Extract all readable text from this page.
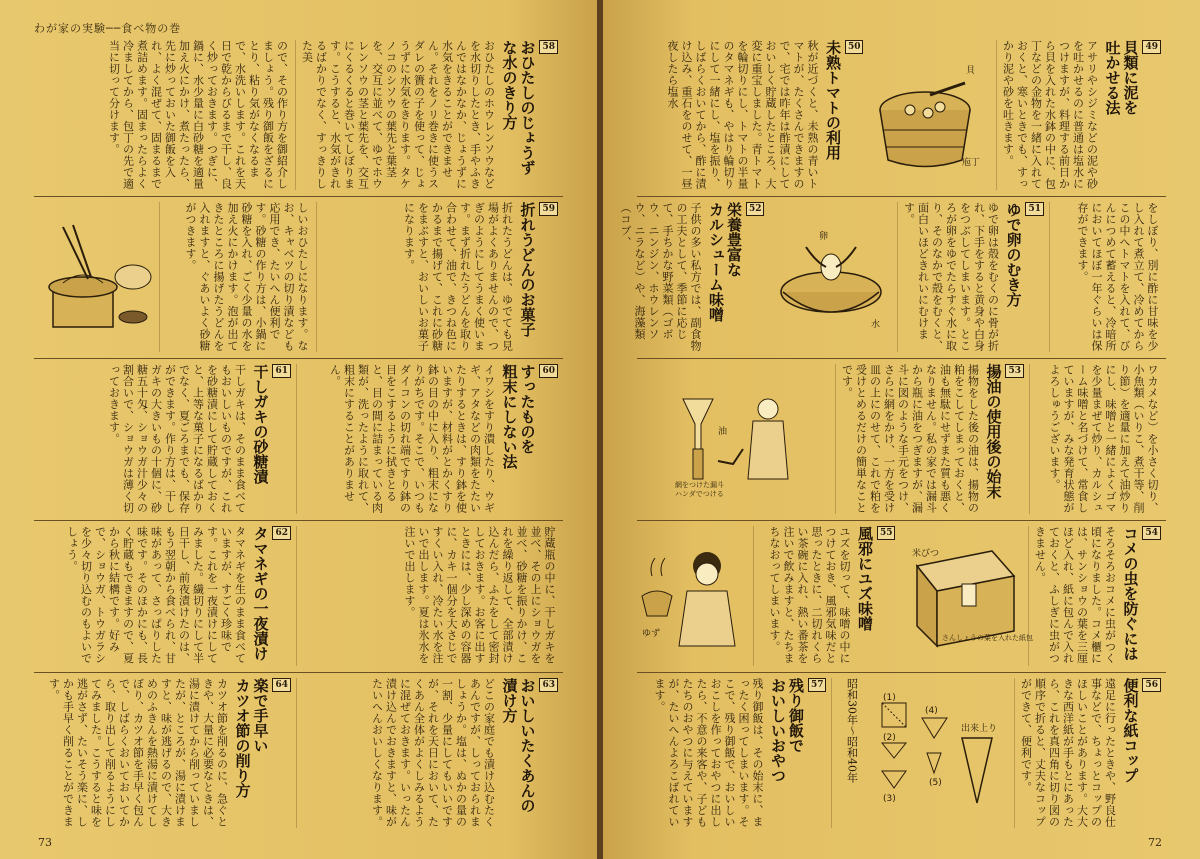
わが家の実験──食べ物の巻
58
おひたしのじょうず
な水のきり方
おひたしのホウレンソウなどを水切りしたとき、手やふきんではなかなか、じょうずに水気をきることができません。それをノリ巻きに使うスダレの簀の子を使って、じょうずに水気をきります。タケノコのシソウの葉先と葉茎を、交互に並べて、ゆでホウレンソウの茎と葉先を、交互にくるくると巻いてしぼります。こうすると、水気がきれるばかりでなく、すっきりした美
ので、その作り方を御紹介しましょう。残り御飯をざるにとり、粘り気がなくなるまで、水洗いします。これを天日で乾からびるまで干し、良く炒っておきます。つぎに、鍋に、水少量に白砂糖を適量加え火にかけ、煮たったら、先に炒っておいた御飯を入れ、よく混ぜて、固まるまで煮詰めます。固まったらよく冷ましてから、包丁の先で適当に切って分けます。
59
折れうどんのお菓子
折れたうどんは、ゆでても見場がよくありませんので、つぎのようにしてうまく使います。まず折れたうどんを取り合わせて、油で、きつね色にかるまで揚げて、これに砂糖をまぶすと、おいしいお菓子になります。
しいおひたしになります。なお、キャベツの切り漬なども応用でき、たいへん便利です。砂糖の作り方は、小鍋に砂糖を入れ、ごく少量の水を加え火にかけます。泡が出てきたところに揚げたうどんを入れますと、ぐあいよく砂糖がつきます。
60
すったものを
粗末にしない法
イワシをすり潰したり、ウギギ、アタなどの肉類をたたいたりするときは、すり鉢を使いますが、材料がとかくすり鉢の目の中に入り、粗末になりがちです。そこで、いつもダイコンの切れ端ですり鉢の目をこするように拭きとると、目の間に詰まっている肉類が、洗ったように取れて、粗末にすることがありません。
61
干しガキの砂糖漬
干しガキは、そのまま食べてもおいしいものですが、これを砂糖漬にして貯蔵しておくと、上等な菓子になるばかりでなく、夏ごろまでも、保存ができます。作り方は、干しガキの大きいもの十個に、砂糖五十匁、ショウガ汁少々の割合いで、ショウガは薄く切っておきます。
貯蔵瓶の中に、干しガキを並べ、その上にショウガを並べ、砂糖を振りかけ、これを繰り返して、全部漬け込んだら、ふたをして密封しておきます。お客に出すときには、少し深めの容器に、カキ一個分を大さじですくい入れ、冷たい水を注いで出します。夏は氷水を注いで出します。
62
タマネギの一夜漬け
タマネギを生のまま食べていますが、すごく珍味です。これを一夜漬けにしてみました。繊切りにして半日干し、前夜漬けたのは、もう翌朝から食べられ、甘味があって、さっぱりした味です。そのほかにも、長く貯蔵もできますので、夏から秋に結構です。好みで、ショウガ、トウガラシを少々切り込むのもよいでしょう。
63
おいしいたくあんの
漬け方
どこの家庭でも漬け込むたくあんですが、しっておられましょうか。塩は、ぬかの量の一割、少量にしてもいいですが、それを天日において、たくあん全体がよくしみるように混ぜておきます。いったん漬け込んでおきますと、味がたいへんおいしくなります。
64
楽で手早い
カツオ節の削り方
カツオ節を削るのに、急ぐときや、大量に必要なときは、湯に漬けてから削っていましたが、ところが、湯に漬けますと、味が逃げるので、大きめのふきんを熱湯に漬けてしぼり、カツオ節を手早く包んで、しばらくおいておいてから、取り出して削るようにしてみました。こうすると味を逃がさず、たいそう楽に、しかも手早く削ることができます。
73
49
貝類に泥を
吐かせる法
アサリやシジミなどの泥や砂を吐かせるのに普通は塩水につけますが、料理する前日から貝を入れた水鉢の中に、包丁などの金物を一緒に入れておくと、寒いときでも、すっかり泥や砂を吐きます。
貝
庖丁
50
未熟トマトの利用
秋が近づくと、未熟の青いトマトが、たくさんできますので、宅では昨年は酢漬にしておいしく貯蔵したところ、大変に重宝しました。青トマトを輪切りにし、トマトの半量のタマネギも、やはり輪切りにして一緒にし、塩を振り、しばらくおいてから、酢に漬け込み、重石をのせて、一昼夜したら塩水
をしぼり、別に酢に甘味を少し入れて煮立て、冷めてからこの中へトマトを入れて、びんにつめて蓄えると、冷暗所においてほぼ一年ぐらいは保存ができます。
51
ゆで卵のむき方
ゆで卵は殻をむくのに骨が折れ、下手をすると黄身や白身をつぶしてしまいます。ところが卵をゆでたらすぐ水に取り、そのなかで殻をむくと、面白いほどきれいにむけます。
卵
水
52
栄養豊富な
カルシューム味噌
子供の多い私方では、副食物の工夫として、季節に応じて、手ちかな野菜類（ゴボウ、ニンジン、ホウレンソウ、ニラなど）や、海藻類（コブ、
ワカメなど）を小さく切り、小魚類（いりこ、煮干等、削り節）を適量に加えて油炒りにし、味噌と一緒によくゴマを少量まぜて炒り、カルシューム味噌と名づけて、常食していますが、みな発育状態がよろしゅうございます。
53
揚油の使用後の始末
揚物をした後の油は、揚物の粕をこしてしまっておくと、油も無駄にせずまた質も悪くなりません。私の家では漏斗から瓶に油をつぎますが、漏斗に図のような手元をつけ、さらに網をかけ、一方を受け皿の上にのせて、これで粕を受けとめるだけの簡単なことです。
油
網をつけた漏斗
ハンダでつける
54
コメの虫を防ぐには
そろそろおコメに虫がつく頃になりました。コメ櫃には、サンショウの葉を三厘ほど入れ、紙に包んで入れておくと、ふしぎに虫がつきません。
米びつ
さんしょうの葉を入れた紙包
55
風邪にユズ味噌
ユズを切って、味噌の中につけておき、風邪気味だと思ったときに、二切れくらい茶碗に入れ、熱い番茶を注いで飲みますと、たちまちなおってしまいます。
ゆず
56
便利な紙コップ
遠足に行ったときや、野良仕事などで、ちょっとコップのほしいことがあります。大大きな西洋紙が手もとにあったら、これを真四角に切り図の順序で折ると、丈夫なコップができて、便利です。
(1)
(2)
(3)
(4)
(5)
出来上り
昭和30年〜昭和40年
57
残り御飯で
おいしいおやつ
残り御飯は、その始末に、まったく困ってしまいます。そこで、残り御飯で、おいしいおこしを作っておやつに出したら、不意の来客や、子どもたちのおやつに与えていますが、たいへんよろこばれています。
72
